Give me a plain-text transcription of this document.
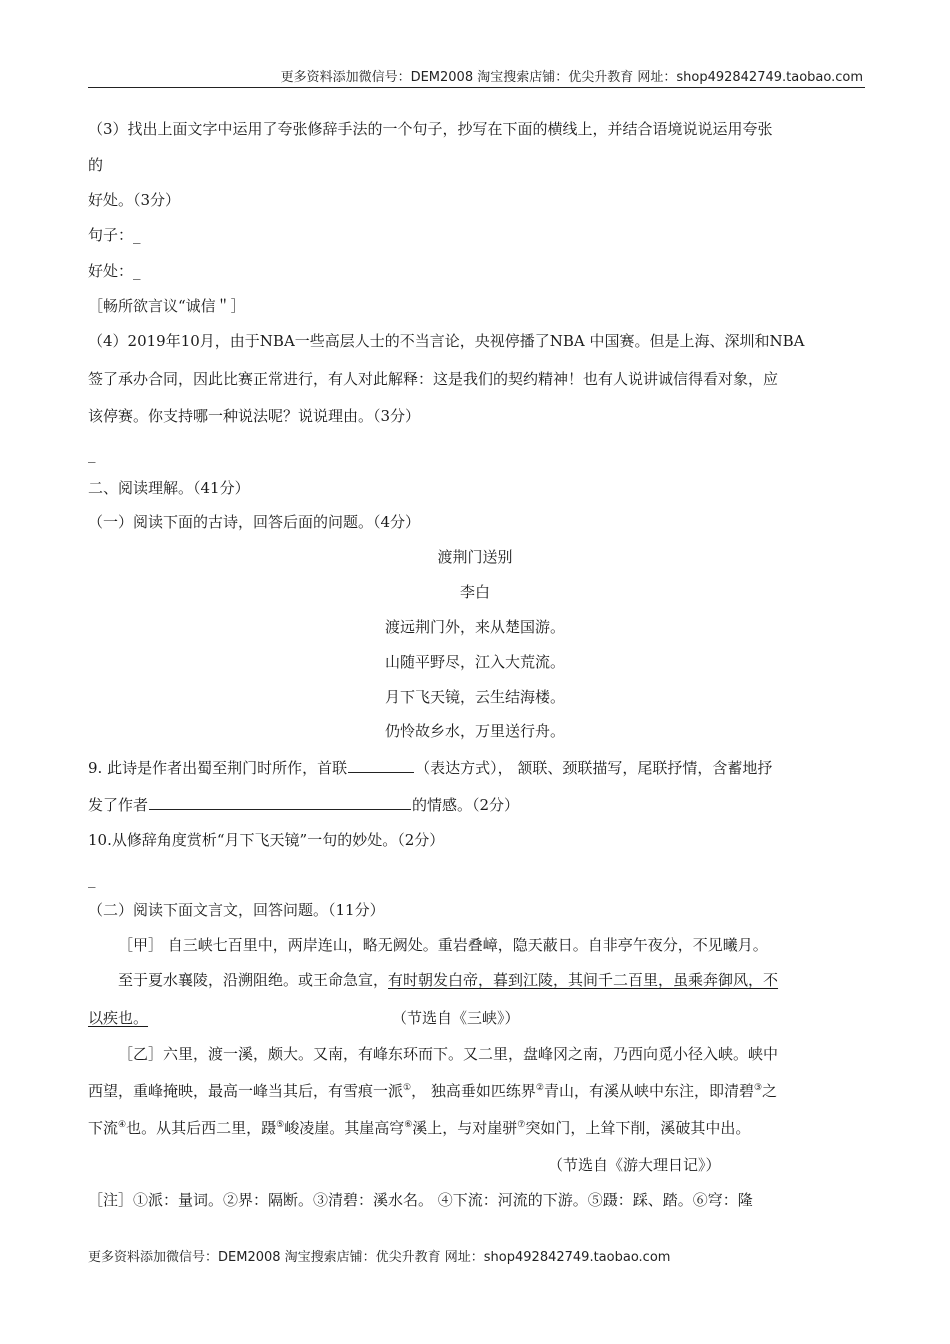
更多资料添加微信号：DEM2008 淘宝搜索店铺：优尖升教育 网址：shop492842749.taobao.com
（3）找出上面文字中运用了夸张修辞手法的一个句子，抄写在下面的横线上，并结合语境说说运用夸张
的
好处。（3分）
句子：_
好处：_
［畅所欲言议“诚信＂］
（4）2019年10月，由于NBA一些高层人士的不当言论，央视停播了NBA 中国赛。但是上海、深圳和NBA
签了承办合同，因此比赛正常进行，有人对此解释：这是我们的契约精神！也有人说讲诚信得看对象，应
该停赛。你支持哪一种说法呢？说说理由。（3分）
_
二、阅读理解。（41分）
（一）阅读下面的古诗，回答后面的问题。（4分）
渡荆门送别
李白
渡远荆门外，来从楚国游。
山随平野尽，江入大荒流。
月下飞天镜，云生结海楼。
仍怜故乡水，万里送行舟。
9. 此诗是作者出蜀至荆门时所作，首联	（表达方式）， 颔联、颈联描写，尾联抒情，含蓄地抒
发了作者	的情感。（2分）
10.从修辞角度赏析“月下飞天镜”一句的妙处。（2分）
_
（二）阅读下面文言文，回答问题。（11分）
［甲］ 自三峡七百里中，两岸连山，略无阙处。重岩叠嶂，隐天蔽日。自非亭午夜分，不见曦月。
至于夏水襄陵，沿溯阻绝。或王命急宣，有时朝发白帝，暮到江陵，其间千二百里，虽乘奔御风，不
以疾也。	（节选自《三峡》）
［乙］六里，渡一溪，颇大。又南，有峰东环而下。又二里，盘峰冈之南，乃西向觅小径入峡。峡中
西望，重峰掩映，最高一峰当其后，有雪痕一派①， 独高垂如匹练界②青山，有溪从峡中东注，即清碧③之
下流④也。从其后西二里，蹑⑤峻凌崖。其崖高穹⑥溪上，与对崖骈⑦突如门，上耸下削，溪破其中出。
（节选自《游大理日记》）
［注］①派：量词。②界：隔断。③清碧：溪水名。 ④下流：河流的下游。⑤蹑：踩、踏。⑥穹：隆
更多资料添加微信号：DEM2008 淘宝搜索店铺：优尖升教育 网址：shop492842749.taobao.com
